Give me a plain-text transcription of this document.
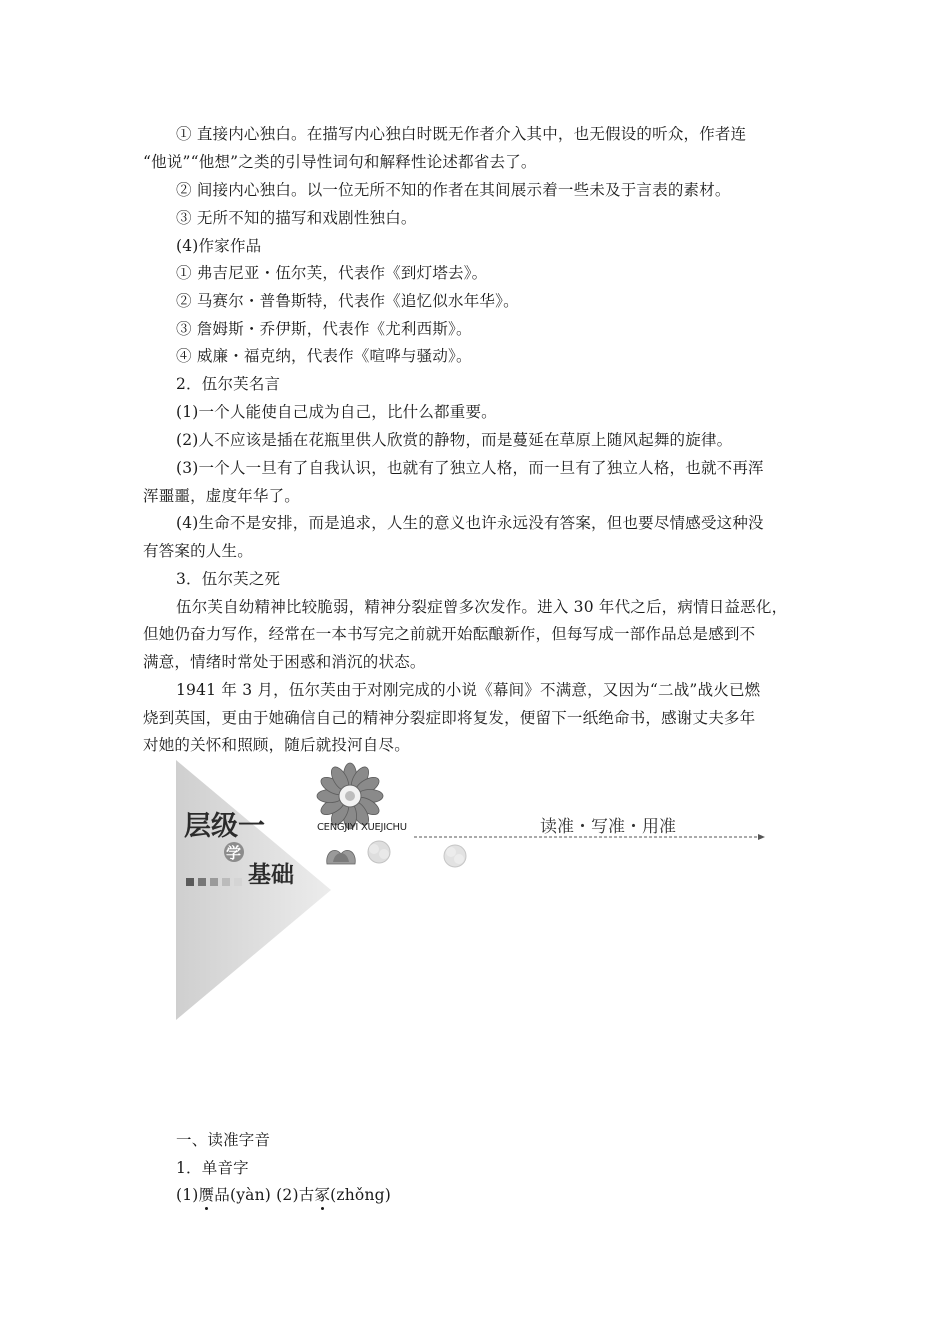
① 直接内心独白。在描写内心独白时既无作者介入其中，也无假设的听众，作者连
“他说”“他想”之类的引导性词句和解释性论述都省去了。
② 间接内心独白。以一位无所不知的作者在其间展示着一些未及于言表的素材。
③ 无所不知的描写和戏剧性独白。
(4)作家作品
① 弗吉尼亚・伍尔芙，代表作《到灯塔去》。
② 马赛尔・普鲁斯特，代表作《追忆似水年华》。
③ 詹姆斯・乔伊斯，代表作《尤利西斯》。
④ 威廉・福克纳，代表作《喧哗与骚动》。
2．伍尔芙名言
(1)一个人能使自己成为自己，比什么都重要。
(2)人不应该是插在花瓶里供人欣赏的静物，而是蔓延在草原上随风起舞的旋律。
(3)一个人一旦有了自我认识，也就有了独立人格，而一旦有了独立人格，也就不再浑
浑噩噩，虚度年华了。
(4)生命不是安排，而是追求，人生的意义也许永远没有答案，但也要尽情感受这种没
有答案的人生。
3．伍尔芙之死
伍尔芙自幼精神比较脆弱，精神分裂症曾多次发作。进入 30 年代之后，病情日益恶化，
但她仍奋力写作，经常在一本书写完之前就开始酝酿新作，但每写成一部作品总是感到不
满意，情绪时常处于困惑和消沉的状态。
1941 年 3 月，伍尔芙由于对刚完成的小说《幕间》不满意，又因为“二战”战火已燃
烧到英国，更由于她确信自己的精神分裂症即将复发，便留下一纸绝命书，感谢丈夫多年
对她的关怀和照顾，随后就投河自尽。
层级一
学
基础
CENGJIYI XUEJICHU	读准・写准・用准
一、读准字音
1．单音字
(1)赝品(yàn) (2)古冢(zhǒng)
